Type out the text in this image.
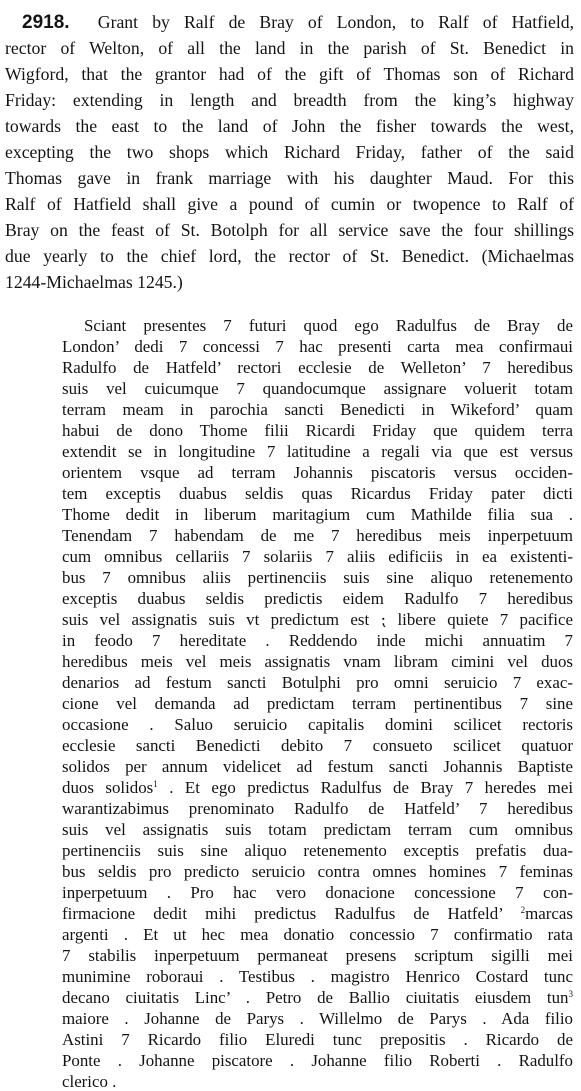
2918. Grant by Ralf de Bray of London, to Ralf of Hatfield,
rector of Welton, of all the land in the parish of St. Benedict in
Wigford, that the grantor had of the gift of Thomas son of Richard
Friday: extending in length and breadth from the king’s highway
towards the east to the land of John the fisher towards the west,
excepting the two shops which Richard Friday, father of the said
Thomas gave in frank marriage with his daughter Maud. For this
Ralf of Hatfield shall give a pound of cumin or twopence to Ralf of
Bray on the feast of St. Botolph for all service save the four shillings
due yearly to the chief lord, the rector of St. Benedict. (Michaelmas
1244-Michaelmas 1245.)
Sciant presentes 7 futuri quod ego Radulfus de Bray de
London’ dedi 7 concessi 7 hac presenti carta mea confirmaui
Radulfo de Hatfeld’ rectori ecclesie de Welleton’ 7 heredibus
suis vel cuicumque 7 quandocumque assignare voluerit totam
terram meam in parochia sancti Benedicti in Wikeford’ quam
habui de dono Thome filii Ricardi Friday que quidem terra
extendit se in longitudine 7 latitudine a regali via que est versus
orientem vsque ad terram Johannis piscatoris versus occiden-
tem exceptis duabus seldis quas Ricardus Friday pater dicti
Thome dedit in liberum maritagium cum Mathilde filia sua .
Tenendam 7 habendam de me 7 heredibus meis inperpetuum
cum omnibus cellariis 7 solariis 7 aliis edificiis in ea existenti-
bus 7 omnibus aliis pertinenciis suis sine aliquo retenemento
exceptis duabus seldis predictis eidem Radulfo 7 heredibus
suis vel assignatis suis vt predictum est ⁏ libere quiete 7 pacifice
in feodo 7 hereditate . Reddendo inde michi annuatim 7
heredibus meis vel meis assignatis vnam libram cimini vel duos
denarios ad festum sancti Botulphi pro omni seruicio 7 exac-
cione vel demanda ad predictam terram pertinentibus 7 sine
occasione . Saluo seruicio capitalis domini scilicet rectoris
ecclesie sancti Benedicti debito 7 consueto scilicet quatuor
solidos per annum videlicet ad festum sancti Johannis Baptiste
duos solidos$^1$ . Et ego predictus Radulfus de Bray 7 heredes mei
warantizabimus prenominato Radulfo de Hatfeld’ 7 heredibus
suis vel assignatis suis totam predictam terram cum omnibus
pertinenciis suis sine aliquo retenemento exceptis prefatis dua-
bus seldis pro predicto seruicio contra omnes homines 7 feminas
inperpetuum . Pro hac vero donacione concessione 7 con-
firmacione dedit mihi predictus Radulfus de Hatfeld’ $^2$marcas
argenti . Et ut hec mea donatio concessio 7 confirmatio rata
7 stabilis inperpetuum permaneat presens scriptum sigilli mei
munimine roboraui . Testibus . magistro Henrico Costard tunc
decano ciuitatis Linc’ . Petro de Ballio ciuitatis eiusdem tun$^3$
maiore . Johanne de Parys . Willelmo de Parys . Ada filio
Astini 7 Ricardo filio Eluredi tunc prepositis . Ricardo de
Ponte . Johanne piscatore . Johanne filio Roberti . Radulfo
clerico .
